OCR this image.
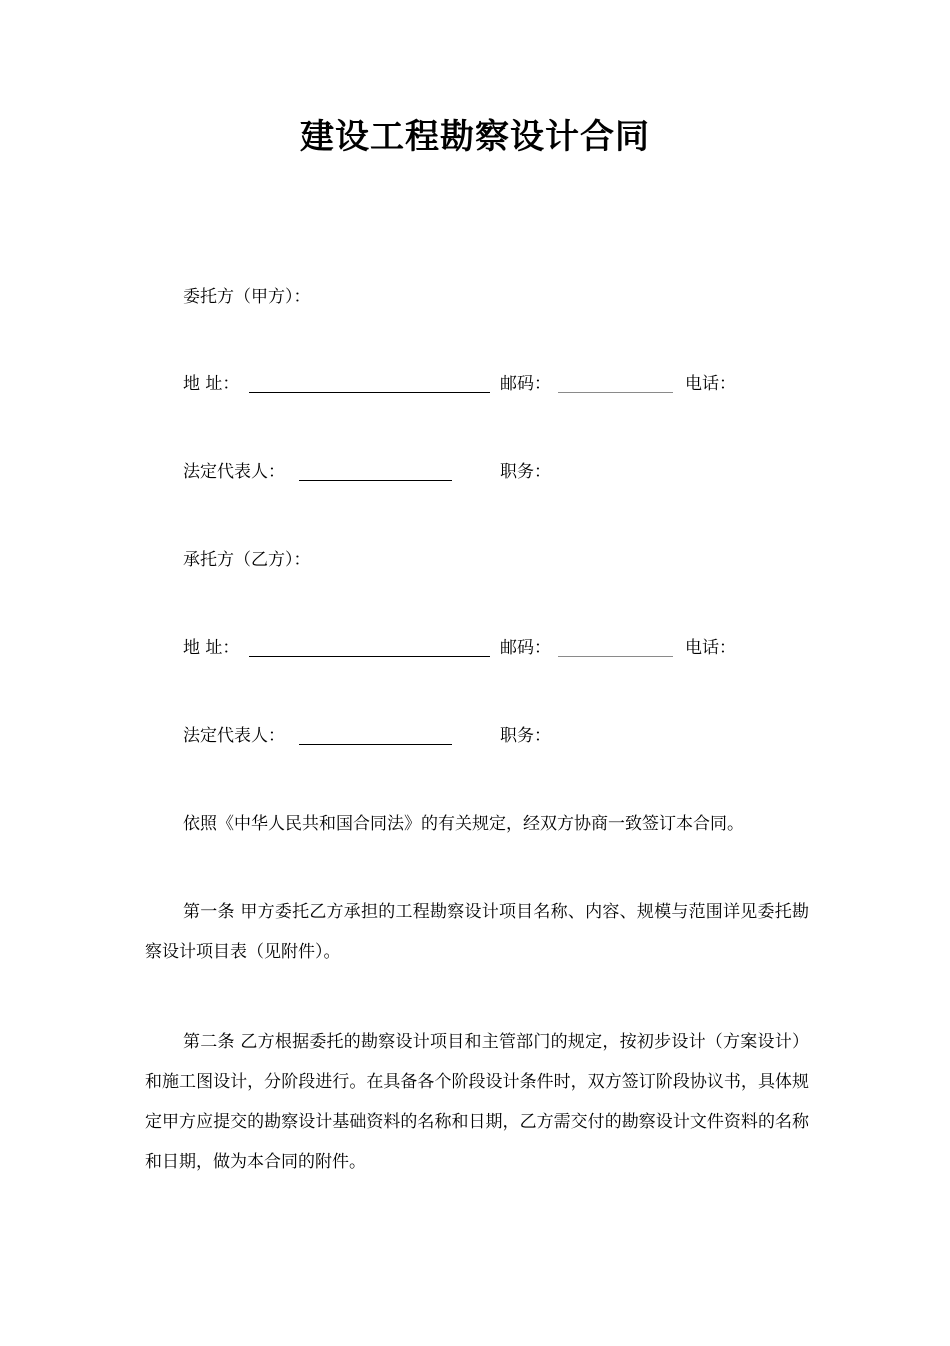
建设工程勘察设计合同
委托方（甲方）：
地 址：	邮码：	电话：
法定代表人：	职务：
承托方（乙方）：
地 址：	邮码：	电话：
法定代表人：	职务：
依照《中华人民共和国合同法》的有关规定，经双方协商一致签订本合同。
第一条 甲方委托乙方承担的工程勘察设计项目名称、内容、规模与范围详见委托勘察设计项目表（见附件）。
第二条 乙方根据委托的勘察设计项目和主管部门的规定，按初步设计（方案设计）和施工图设计，分阶段进行。在具备各个阶段设计条件时，双方签订阶段协议书，具体规定甲方应提交的勘察设计基础资料的名称和日期，乙方需交付的勘察设计文件资料的名称和日期，做为本合同的附件。
